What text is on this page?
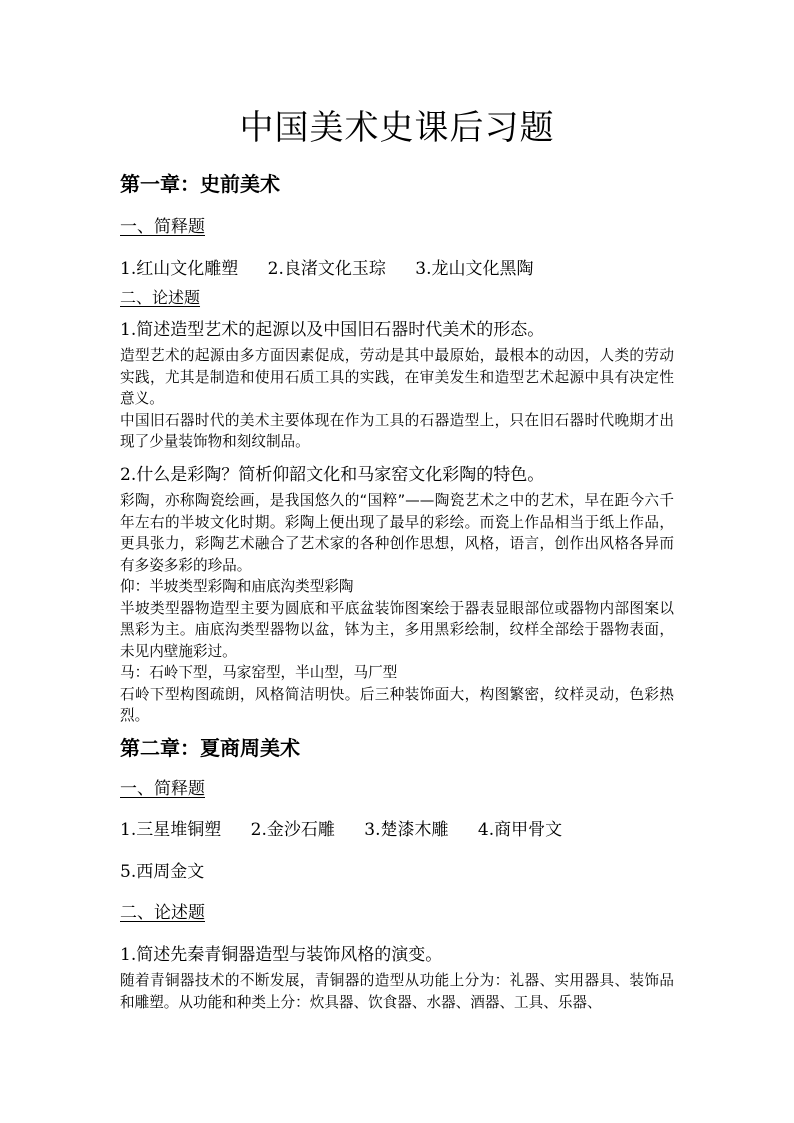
中国美术史课后习题
第一章：史前美术
一、简释题
1.红山文化雕塑 2.良渚文化玉琮 3.龙山文化黑陶
二、论述题
1.简述造型艺术的起源以及中国旧石器时代美术的形态。

造型艺术的起源由多方面因素促成，劳动是其中最原始，最根本的动因，人类的劳动实践，尤其是制造和使用石质工具的实践，在审美发生和造型艺术起源中具有决定性意义。

中国旧石器时代的美术主要体现在作为工具的石器造型上，只在旧石器时代晚期才出现了少量装饰物和刻纹制品。

2.什么是彩陶？简析仰韶文化和马家窑文化彩陶的特色。

彩陶，亦称陶瓷绘画，是我国悠久的“国粹”——陶瓷艺术之中的艺术，早在距今六千年左右的半坡文化时期。彩陶上便出现了最早的彩绘。而瓷上作品相当于纸上作品，更具张力，彩陶艺术融合了艺术家的各种创作思想，风格，语言，创作出风格各异而有多姿多彩的珍品。

仰：半坡类型彩陶和庙底沟类型彩陶

半坡类型器物造型主要为圆底和平底盆装饰图案绘于器表显眼部位或器物内部图案以黑彩为主。庙底沟类型器物以盆，钵为主，多用黑彩绘制，纹样全部绘于器物表面，未见内壁施彩过。

马：石岭下型，马家窑型，半山型，马厂型

石岭下型构图疏朗，风格简洁明快。后三种装饰面大，构图繁密，纹样灵动，色彩热烈。

第二章：夏商周美术
一、简释题
1.三星堆铜塑 2.金沙石雕 3.楚漆木雕 4.商甲骨文
5.西周金文
二、论述题
1.简述先秦青铜器造型与装饰风格的演变。

随着青铜器技术的不断发展，青铜器的造型从功能上分为：礼器、实用器具、装饰品和雕塑。从功能和种类上分：炊具器、饮食器、水器、酒器、工具、乐器、
